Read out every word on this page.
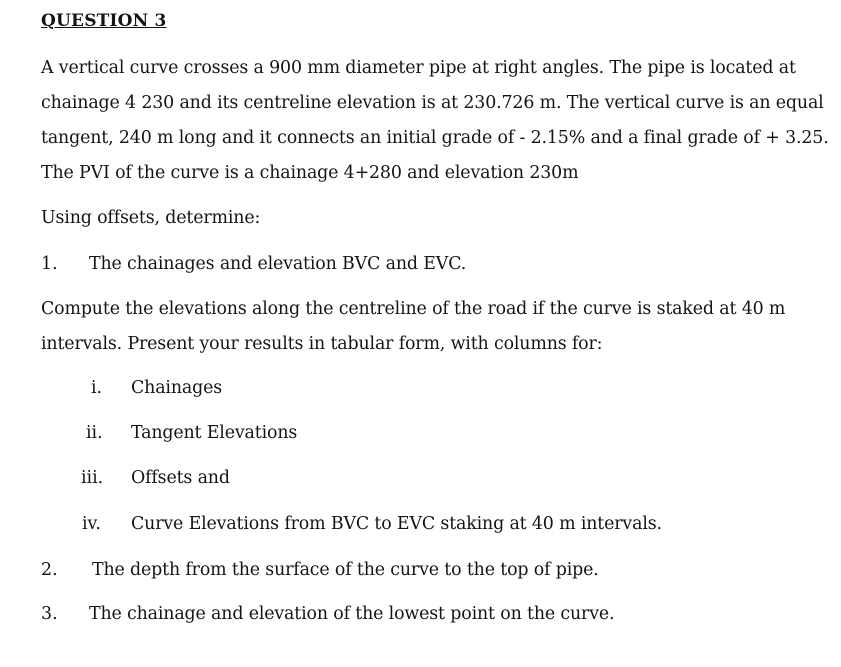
QUESTION 3
A vertical curve crosses a 900 mm diameter pipe at right angles. The pipe is located at
chainage 4 230 and its centreline elevation is at 230.726 m. The vertical curve is an equal
tangent, 240 m long and it connects an initial grade of - 2.15% and a final grade of + 3.25.
The PVI of the curve is a chainage 4+280 and elevation 230m
Using offsets, determine:
1. The chainages and elevation BVC and EVC.
Compute the elevations along the centreline of the road if the curve is staked at 40 m
intervals. Present your results in tabular form, with columns for:
i. Chainages
ii. Tangent Elevations
iii. Offsets and
iv. Curve Elevations from BVC to EVC staking at 40 m intervals.
2. The depth from the surface of the curve to the top of pipe.
3. The chainage and elevation of the lowest point on the curve.
